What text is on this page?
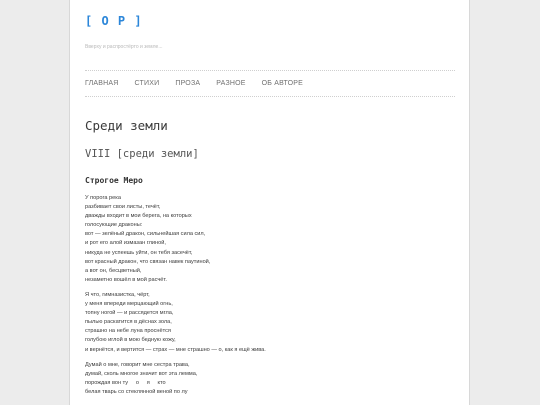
[ O P ]
Вверху и распростёрто и земле...
ГЛАВНАЯ СТИХИ ПРОЗА РАЗНОЕ ОБ АВТОРЕ
Среди земли
VIII [среди земли]
Строгое Меро
У порога река
разбивает свои листы, течёт,
дважды входит в мои берега, на которых
голосующие драконы:
вот — зелёный дракон, сильнейшая сила сил,
и рот его алой измазан глиной,
никуда не успеешь уйти, он тебя засечёт,
вот красный дракон, что связан навек паутиной,
а вот он, бесцветный,
незаметно вошёл в мой расчёт.
Я что, гимназистка, чёрт,
у меня впереди мерцающий огнь,
топну ногой — и рассядется мгла,
пылью раскатится в дёснах зола,
страшно на небе луна проснётся
голубою иглой в мою бедную кожу,
и вернётся, и вертится — страх — мне страшно — о, как я ещё жива.
Думай о мне, говорит мне сестра трава,
думай, сколь многое значит вот эта лемма,
порождая вон ту     о     я     кто
белая тварь со стеклянной веной по лу
